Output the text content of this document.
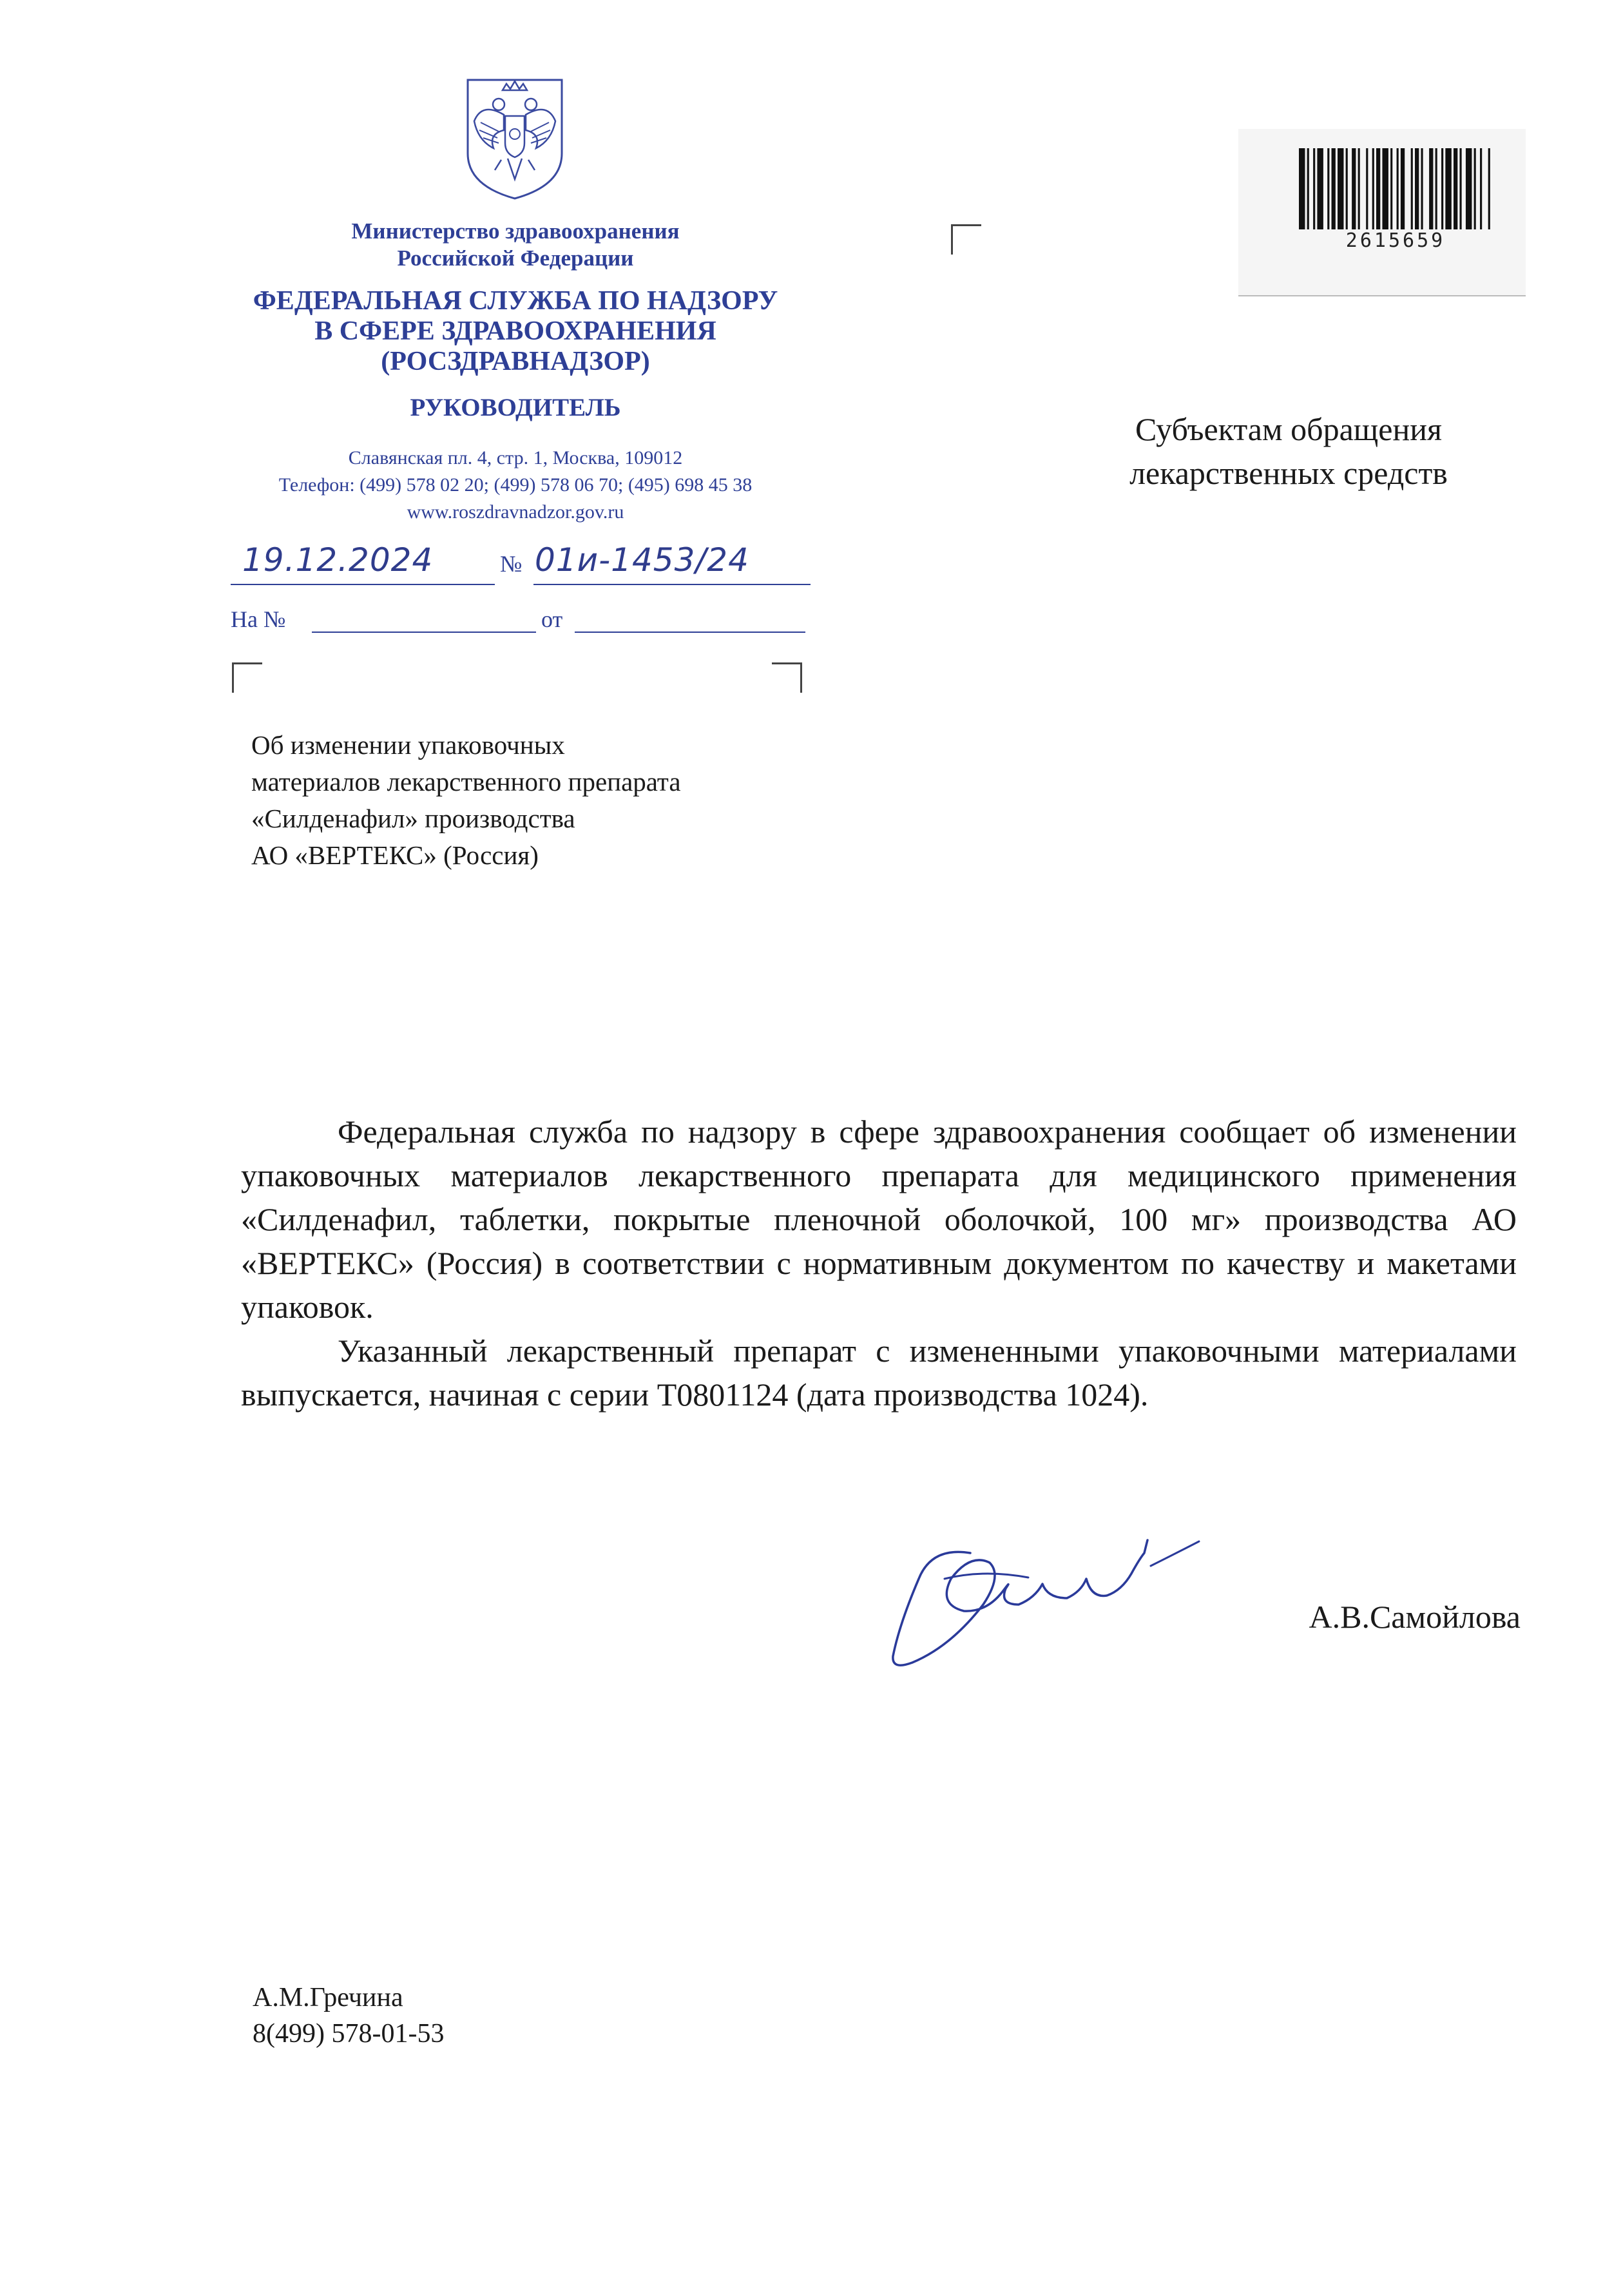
Министерство здравоохранения
Российской Федерации
ФЕДЕРАЛЬНАЯ СЛУЖБА ПО НАДЗОРУ
В СФЕРЕ ЗДРАВООХРАНЕНИЯ
(РОСЗДРАВНАДЗОР)
РУКОВОДИТЕЛЬ
Славянская пл. 4, стр. 1, Москва, 109012
Телефон: (499) 578 02 20; (499) 578 06 70; (495) 698 45 38
www.roszdravnadzor.gov.ru
19.12.2024	№ 01и-1453/24
На №	от
2615659
Субъектам обращения
лекарственных средств
Об изменении упаковочных
материалов лекарственного препарата
«Силденафил» производства
АО «ВЕРТЕКС» (Россия)

Федеральная служба по надзору в сфере здравоохранения сообщает об изменении упаковочных материалов лекарственного препарата для медицинского применения «Силденафил, таблетки, покрытые пленочной оболочкой, 100 мг» производства АО «ВЕРТЕКС» (Россия) в соответствии с нормативным документом по качеству и макетами упаковок.

Указанный лекарственный препарат с измененными упаковочными материалами выпускается, начиная с серии Т0801124 (дата производства 1024).

А.В.Самойлова
А.М.Гречина
8(499) 578-01-53
